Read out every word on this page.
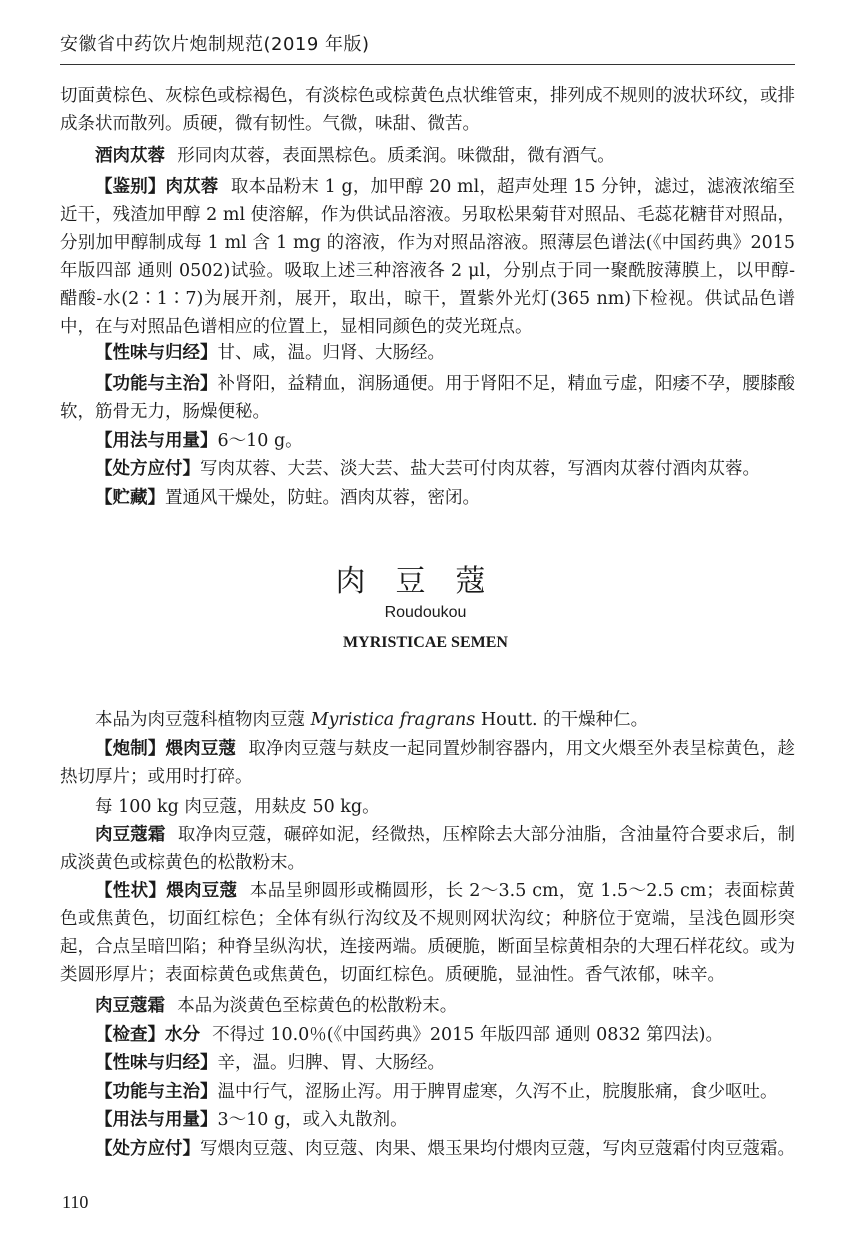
安徽省中药饮片炮制规范(2019 年版)

切面黄棕色、灰棕色或棕褐色，有淡棕色或棕黄色点状维管束，排列成不规则的波状环纹，或排成条状而散列。质硬，微有韧性。气微，味甜、微苦。

酒肉苁蓉 形同肉苁蓉，表面黑棕色。质柔润。味微甜，微有酒气。

【鉴别】肉苁蓉 取本品粉末 1 g，加甲醇 20 ml，超声处理 15 分钟，滤过，滤液浓缩至近干，残渣加甲醇 2 ml 使溶解，作为供试品溶液。另取松果菊苷对照品、毛蕊花糖苷对照品，分别加甲醇制成每 1 ml 含 1 mg 的溶液，作为对照品溶液。照薄层色谱法(《中国药典》2015 年版四部 通则 0502)试验。吸取上述三种溶液各 2 μl，分别点于同一聚酰胺薄膜上，以甲醇-醋酸-水(2∶1∶7)为展开剂，展开，取出，晾干，置紫外光灯(365 nm)下检视。供试品色谱中，在与对照品色谱相应的位置上，显相同颜色的荧光斑点。

【性味与归经】甘、咸，温。归肾、大肠经。

【功能与主治】补肾阳，益精血，润肠通便。用于肾阳不足，精血亏虚，阳痿不孕，腰膝酸软，筋骨无力，肠燥便秘。

【用法与用量】6～10 g。

【处方应付】写肉苁蓉、大芸、淡大芸、盐大芸可付肉苁蓉，写酒肉苁蓉付酒肉苁蓉。

【贮藏】置通风干燥处，防蛀。酒肉苁蓉，密闭。

肉豆蔻
Roudoukou
MYRISTICAE SEMEN

本品为肉豆蔻科植物肉豆蔻 Myristica fragrans Houtt. 的干燥种仁。

【炮制】煨肉豆蔻 取净肉豆蔻与麸皮一起同置炒制容器内，用文火煨至外表呈棕黄色，趁热切厚片；或用时打碎。

每 100 kg 肉豆蔻，用麸皮 50 kg。

肉豆蔻霜 取净肉豆蔻，碾碎如泥，经微热，压榨除去大部分油脂，含油量符合要求后，制成淡黄色或棕黄色的松散粉末。

【性状】煨肉豆蔻 本品呈卵圆形或椭圆形，长 2～3.5 cm，宽 1.5～2.5 cm；表面棕黄色或焦黄色，切面红棕色；全体有纵行沟纹及不规则网状沟纹；种脐位于宽端，呈浅色圆形突起，合点呈暗凹陷；种脊呈纵沟状，连接两端。质硬脆，断面呈棕黄相杂的大理石样花纹。或为类圆形厚片；表面棕黄色或焦黄色，切面红棕色。质硬脆，显油性。香气浓郁，味辛。

肉豆蔻霜 本品为淡黄色至棕黄色的松散粉末。

【检查】水分 不得过 10.0％(《中国药典》2015 年版四部 通则 0832 第四法)。

【性味与归经】辛，温。归脾、胃、大肠经。

【功能与主治】温中行气，涩肠止泻。用于脾胃虚寒，久泻不止，脘腹胀痛，食少呕吐。

【用法与用量】3～10 g，或入丸散剂。

【处方应付】写煨肉豆蔻、肉豆蔻、肉果、煨玉果均付煨肉豆蔻，写肉豆蔻霜付肉豆蔻霜。

110
